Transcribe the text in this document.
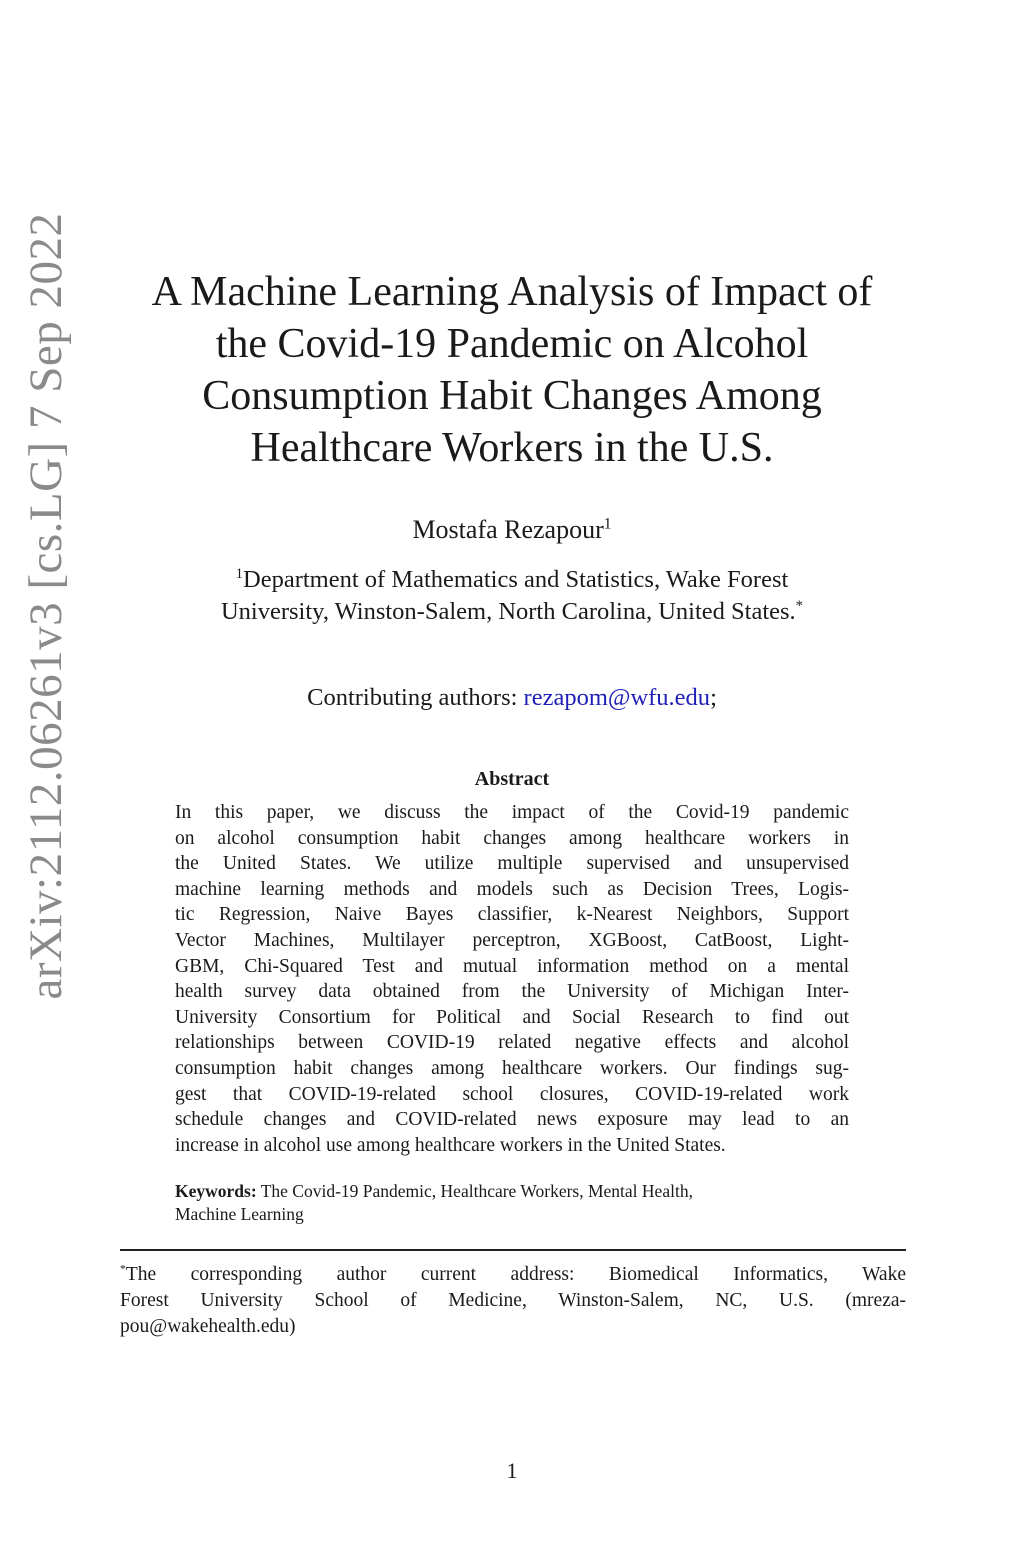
arXiv:2112.06261v3 [cs.LG] 7 Sep 2022 A Machine Learning Analysis of Impact of
the Covid-19 Pandemic on Alcohol
Consumption Habit Changes Among
Healthcare Workers in the U.S.
Mostafa Rezapour$^1$
$^1$Department of Mathematics and Statistics, Wake Forest
University, Winston-Salem, North Carolina, United States.*
Contributing authors: rezapom@wfu.edu;
Abstract
In this paper, we discuss the impact of the Covid-19 pandemic
on alcohol consumption habit changes among healthcare workers in
the United States. We utilize multiple supervised and unsupervised
machine learning methods and models such as Decision Trees, Logis-
tic Regression, Naive Bayes classifier, k-Nearest Neighbors, Support
Vector Machines, Multilayer perceptron, XGBoost, CatBoost, Light-
GBM, Chi-Squared Test and mutual information method on a mental
health survey data obtained from the University of Michigan Inter-
University Consortium for Political and Social Research to find out
relationships between COVID-19 related negative effects and alcohol
consumption habit changes among healthcare workers. Our findings sug-
gest that COVID-19-related school closures, COVID-19-related work
schedule changes and COVID-related news exposure may lead to an
increase in alcohol use among healthcare workers in the United States.
Keywords: The Covid-19 Pandemic, Healthcare Workers, Mental Health,
Machine Learning
*The corresponding author current address: Biomedical Informatics, Wake
Forest University School of Medicine, Winston-Salem, NC, U.S. (mreza-
pou@wakehealth.edu)
1
